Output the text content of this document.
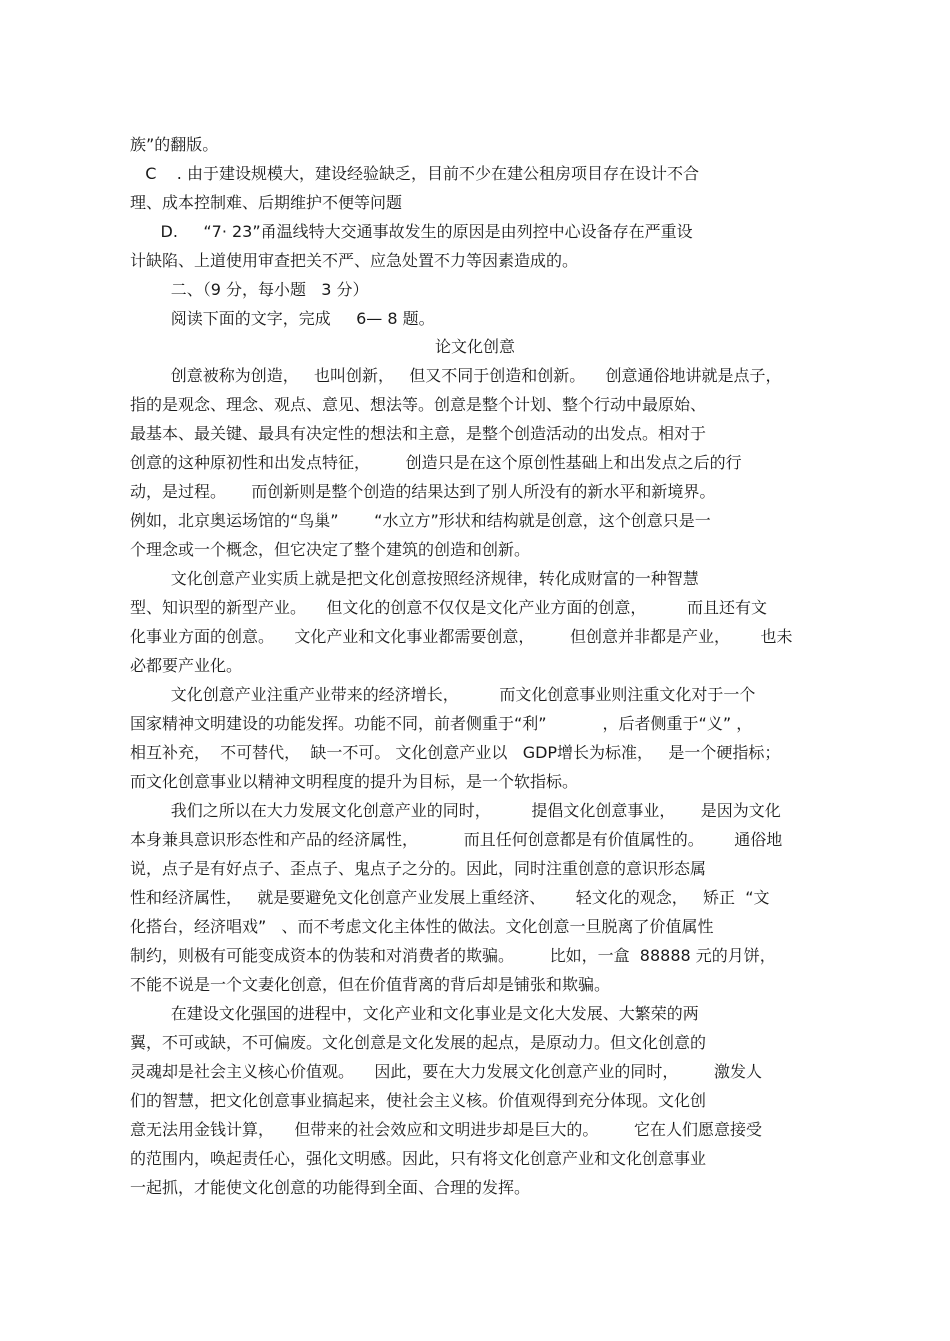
族”的翻版。
C    . 由于建设规模大，建设经验缺乏，目前不少在建公租房项目存在设计不合
理、成本控制难、后期维护不便等问题
D.     “7· 23”甬温线特大交通事故发生的原因是由列控中心设备存在严重设
计缺陷、上道使用审查把关不严、应急处置不力等因素造成的。
二、（9 分，每小题   3 分）
阅读下面的文字，完成     6— 8 题。
论文化创意
创意被称为创造，   也叫创新，   但又不同于创造和创新。    创意通俗地讲就是点子，
指的是观念、理念、观点、意见、想法等。创意是整个计划、整个行动中最原始、
最基本、最关键、最具有决定性的想法和主意，是整个创造活动的出发点。相对于
创意的这种原初性和出发点特征，       创造只是在这个原创性基础上和出发点之后的行
动，是过程。     而创新则是整个创造的结果达到了别人所没有的新水平和新境界。
例如，北京奥运场馆的“鸟巢”       “水立方”形状和结构就是创意，这个创意只是一
个理念或一个概念，但它决定了整个建筑的创造和创新。
文化创意产业实质上就是把文化创意按照经济规律，转化成财富的一种智慧
型、知识型的新型产业。    但文化的创意不仅仅是文化产业方面的创意，        而且还有文
化事业方面的创意。    文化产业和文化事业都需要创意，       但创意并非都是产业，      也未
必都要产业化。
文化创意产业注重产业带来的经济增长，        而文化创意事业则注重文化对于一个
国家精神文明建设的功能发挥。功能不同，前者侧重于“利”           ，后者侧重于“义” ，
相互补充，  不可替代，  缺一不可。 文化创意产业以   GDP增长为标准，   是一个硬指标；
而文化创意事业以精神文明程度的提升为目标，是一个软指标。
我们之所以在大力发展文化创意产业的同时，        提倡文化创意事业，     是因为文化
本身兼具意识形态性和产品的经济属性，         而且任何创意都是有价值属性的。      通俗地
说，点子是有好点子、歪点子、鬼点子之分的。因此，同时注重创意的意识形态属
性和经济属性，   就是要避免文化创意产业发展上重经济、      轻文化的观念，   矫正  “文
化搭台，经济唱戏”   、而不考虑文化主体性的做法。文化创意一旦脱离了价值属性
制约，则极有可能变成资本的伪装和对消费者的欺骗。       比如，一盒  88888 元的月饼，
不能不说是一个文妻化创意，但在价值背离的背后却是铺张和欺骗。
在建设文化强国的进程中，文化产业和文化事业是文化大发展、大繁荣的两
翼，不可或缺，不可偏废。文化创意是文化发展的起点，是原动力。但文化创意的
灵魂却是社会主义核心价值观。    因此，要在大力发展文化创意产业的同时，       激发人
们的智慧，把文化创意事业搞起来，使社会主义核。价值观得到充分体现。文化创
意无法用金钱计算，    但带来的社会效应和文明进步却是巨大的。       它在人们愿意接受
的范围内，唤起责任心，强化文明感。因此，只有将文化创意产业和文化创意事业
一起抓，才能使文化创意的功能得到全面、合理的发挥。
